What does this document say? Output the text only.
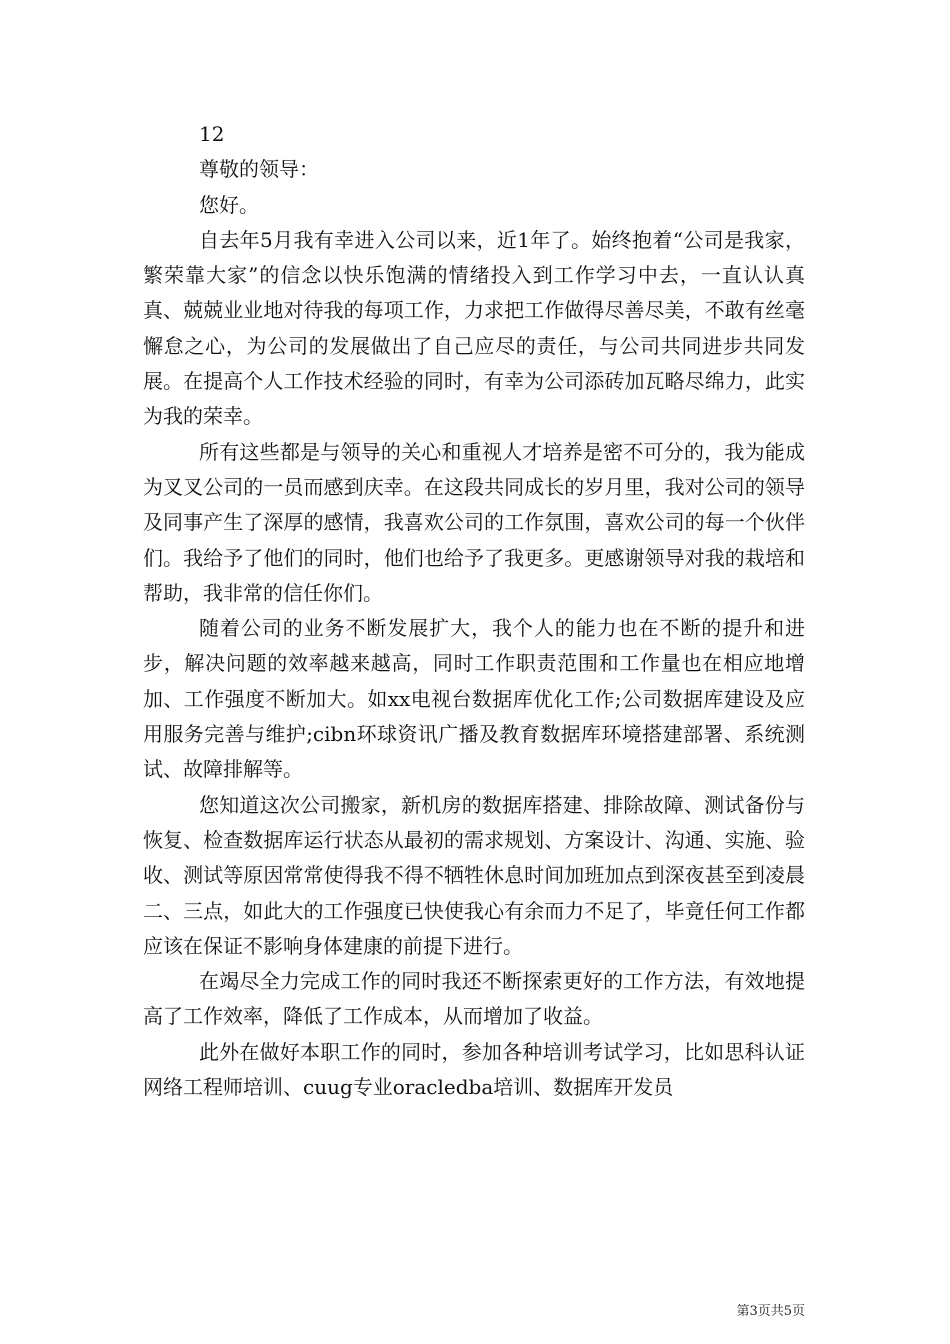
12

尊敬的领导：

您好。

自去年5月我有幸进入公司以来，近1年了。始终抱着“公司是我家，繁荣靠大家”的信念以快乐饱满的情绪投入到工作学习中去，一直认认真真、兢兢业业地对待我的每项工作，力求把工作做得尽善尽美，不敢有丝毫懈怠之心，为公司的发展做出了自己应尽的责任，与公司共同进步共同发展。在提高个人工作技术经验的同时，有幸为公司添砖加瓦略尽绵力，此实为我的荣幸。

所有这些都是与领导的关心和重视人才培养是密不可分的，我为能成为叉叉公司的一员而感到庆幸。在这段共同成长的岁月里，我对公司的领导及同事产生了深厚的感情，我喜欢公司的工作氛围，喜欢公司的每一个伙伴们。我给予了他们的同时，他们也给予了我更多。更感谢领导对我的栽培和帮助，我非常的信任你们。

随着公司的业务不断发展扩大，我个人的能力也在不断的提升和进步，解决问题的效率越来越高，同时工作职责范围和工作量也在相应地增加、工作强度不断加大。如xx电视台数据库优化工作;公司数据库建设及应用服务完善与维护;cibn环球资讯广播及教育数据库环境搭建部署、系统测试、故障排解等。

您知道这次公司搬家，新机房的数据库搭建、排除故障、测试备份与恢复、检查数据库运行状态从最初的需求规划、方案设计、沟通、实施、验收、测试等原因常常使得我不得不牺牲休息时间加班加点到深夜甚至到凌晨二、三点，如此大的工作强度已快使我心有余而力不足了，毕竟任何工作都应该在保证不影响身体建康的前提下进行。

在竭尽全力完成工作的同时我还不断探索更好的工作方法，有效地提高了工作效率，降低了工作成本，从而增加了收益。

此外在做好本职工作的同时，参加各种培训考试学习，比如思科认证网络工程师培训、cuug专业oracledba培训、数据库开发员

第3页共5页
